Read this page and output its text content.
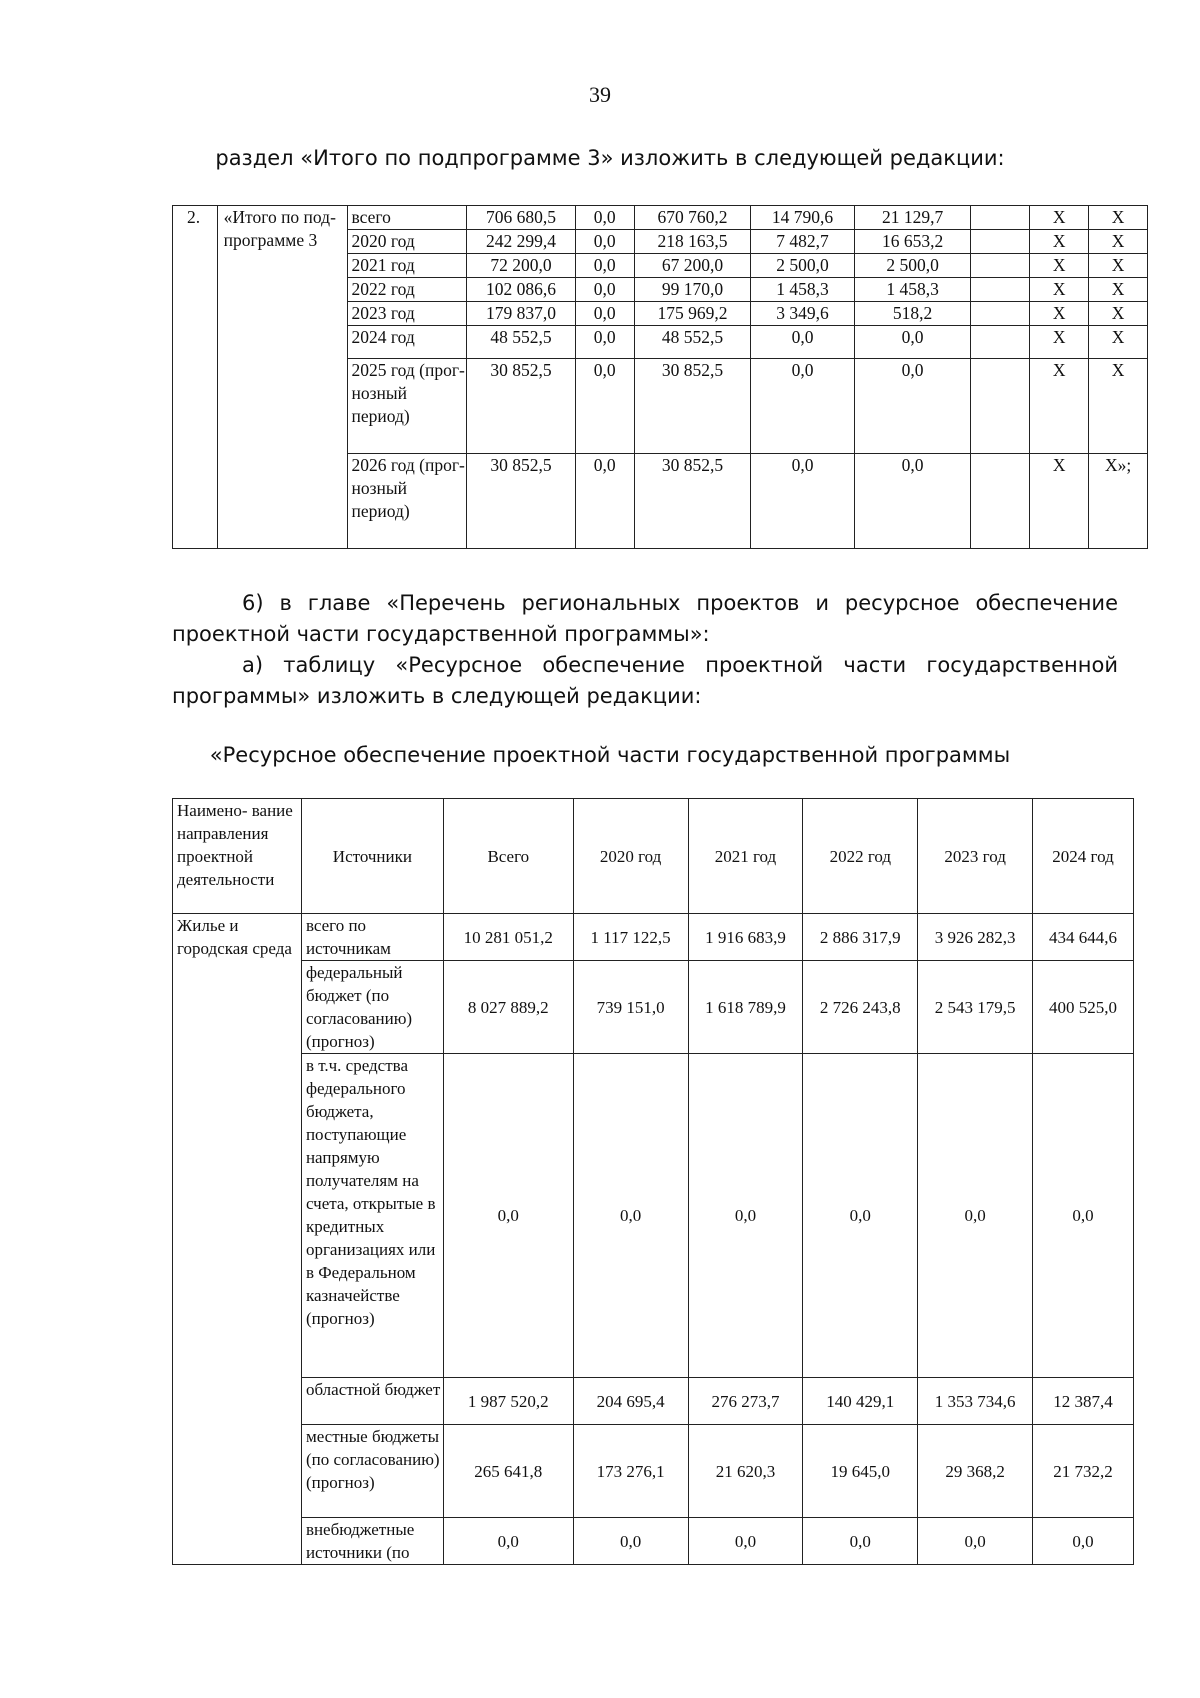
39
раздел «Итого по подпрограмме 3» изложить в следующей редакции:
2.	«Итого по под- программе 3	всего	706 680,5	0,0	670 760,2	14 790,6	21 129,7		Х	Х
		2020 год	242 299,4	0,0	218 163,5	7 482,7	16 653,2		Х	Х
		2021 год	72 200,0	0,0	67 200,0	2 500,0	2 500,0		Х	Х
		2022 год	102 086,6	0,0	99 170,0	1 458,3	1 458,3		Х	Х
		2023 год	179 837,0	0,0	175 969,2	3 349,6	518,2		Х	Х
		2024 год	48 552,5	0,0	48 552,5	0,0	0,0		Х	Х
		2025 год (прог- нозный период)	30 852,5	0,0	30 852,5	0,0	0,0		Х	Х
		2026 год (прог- нозный период)	30 852,5	0,0	30 852,5	0,0	0,0		Х	Х»;
6) в главе «Перечень региональных проектов и ресурсное обеспечение проектной части государственной программы»:
а) таблицу «Ресурсное обеспечение проектной части государственной программы» изложить в следующей редакции:
«Ресурсное обеспечение проектной части государственной программы
Наимено- вание направления проектной деятельности	Источники	Всего	2020 год	2021 год	2022 год	2023 год	2024 год
Жилье и городская среда	всего по источникам	10 281 051,2	1 117 122,5	1 916 683,9	2 886 317,9	3 926 282,3	434 644,6
	федеральный бюджет (по согласованию) (прогноз)	8 027 889,2	739 151,0	1 618 789,9	2 726 243,8	2 543 179,5	400 525,0
	в т.ч. средства федерального бюджета, поступающие напрямую получателям на счета, открытые в кредитных организациях или в Федеральном казначействе (прогноз)	0,0	0,0	0,0	0,0	0,0	0,0
	областной бюджет	1 987 520,2	204 695,4	276 273,7	140 429,1	1 353 734,6	12 387,4
	местные бюджеты (по согласованию) (прогноз)	265 641,8	173 276,1	21 620,3	19 645,0	29 368,2	21 732,2
	внебюджетные источники (по	0,0	0,0	0,0	0,0	0,0	0,0
